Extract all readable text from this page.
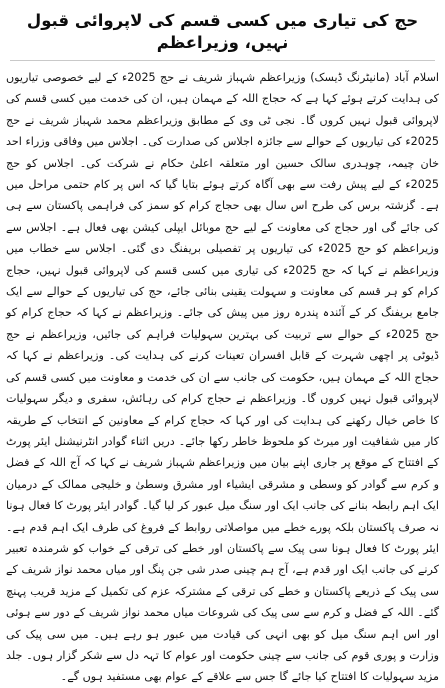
حج کی تیاری میں کسی قسم کی لاپروائی قبول نہیں، وزیراعظم

اسلام آباد (مانیٹرنگ ڈیسک) وزیراعظم شہباز شریف نے حج 2025ء کے لیے خصوصی تیاریوں کی ہدایت کرتے ہوئے کہا ہے کہ حجاج اللہ کے مہمان ہیں، ان کی خدمت میں کسی قسم کی لاپروائی قبول نہیں کروں گا۔ نجی ٹی وی کے مطابق وزیراعظم محمد شہباز شریف نے حج 2025ء کی تیاریوں کے حوالے سے جائزہ اجلاس کی صدارت کی۔ اجلاس میں وفاقی وزراء احد خان چیمہ، چوہدری سالک حسین اور متعلقہ اعلیٰ حکام نے شرکت کی۔ اجلاس کو حج 2025ء کے لیے پیش رفت سے بھی آگاہ کرتے ہوئے بتایا گیا کہ اس پر کام حتمی مراحل میں ہے۔ گزشتہ برس کی طرح اس سال بھی حجاج کرام کو سمز کی فراہمی پاکستان سے ہی کی جائے گی اور حجاج کی معاونت کے لیے حج موبائل ایپلی کیشن بھی فعال ہے۔ اجلاس سے وزیراعظم کو حج 2025ء کی تیاریوں پر تفصیلی بریفنگ دی گئی۔ اجلاس سے خطاب میں وزیراعظم نے کہا کہ حج 2025ء کی تیاری میں کسی قسم کی لاپروائی قبول نہیں، حجاج کرام کو ہر قسم کی معاونت و سہولت یقینی بنائی جائے، حج کی تیاریوں کے حوالے سے ایک جامع بریفنگ کر کے آئندہ پندرہ روز میں پیش کی جائے۔ وزیراعظم نے کہا کہ حجاج کرام کو حج 2025ء کے حوالے سے تربیت کی بہترین سہولیات فراہم کی جائیں، وزیراعظم نے حج ڈیوٹی پر اچھی شہرت کے قابل افسران تعینات کرنے کی ہدایت کی۔ وزیراعظم نے کہا کہ حجاج اللہ کے مہمان ہیں، حکومت کی جانب سے ان کی خدمت و معاونت میں کسی قسم کی لاپروائی قبول نہیں کروں گا۔ وزیراعظم نے حجاج کرام کی رہائش، سفری و دیگر سہولیات کا خاص خیال رکھنے کی ہدایت کی اور کہا کہ حجاج کرام کے معاونین کے انتخاب کے طریقہ کار میں شفافیت اور میرٹ کو ملحوظ خاطر رکھا جائے۔ دریں اثناء گوادر انٹرنیشنل ایئر پورٹ کے افتتاح کے موقع پر جاری اپنے بیان میں وزیراعظم شہباز شریف نے کہا کہ آج اللہ کے فضل و کرم سے گوادر کو وسطی و مشرقی ایشیاء اور مشرق وسطیٰ و خلیجی ممالک کے درمیان ایک اہم رابطہ بنانے کی جانب ایک اور سنگ میل عبور کر لیا گیا۔ گوادر ایئر پورٹ کا فعال ہونا نہ صرف پاکستان بلکہ پورے خطے میں مواصلاتی روابط کے فروغ کی طرف ایک اہم قدم ہے۔ ایئر پورٹ کا فعال ہونا سی پیک سے پاکستان اور خطے کی ترقی کے خواب کو شرمندہ تعبیر کرنے کی جانب ایک اور قدم ہے، آج ہم چینی صدر شی جن پنگ اور میاں محمد نواز شریف کے سی پیک کے ذریعے پاکستان و خطے کی ترقی کے مشترکہ عزم کی تکمیل کے مزید قریب پہنچ گئے۔ اللہ کے فضل و کرم سے سی پیک کی شروعات میاں محمد نواز شریف کے دور سے ہوئی اور اس اہم سنگ میل کو بھی انہی کی قیادت میں عبور ہو رہے ہیں۔ میں سی پیک کی وزارت و پوری قوم کی جانب سے چینی حکومت اور عوام کا تہہ دل سے شکر گزار ہوں۔ جلد مزید سہولیات کا افتتاح کیا جائے گا جس سے علاقے کے عوام بھی مستفید ہوں گے۔
